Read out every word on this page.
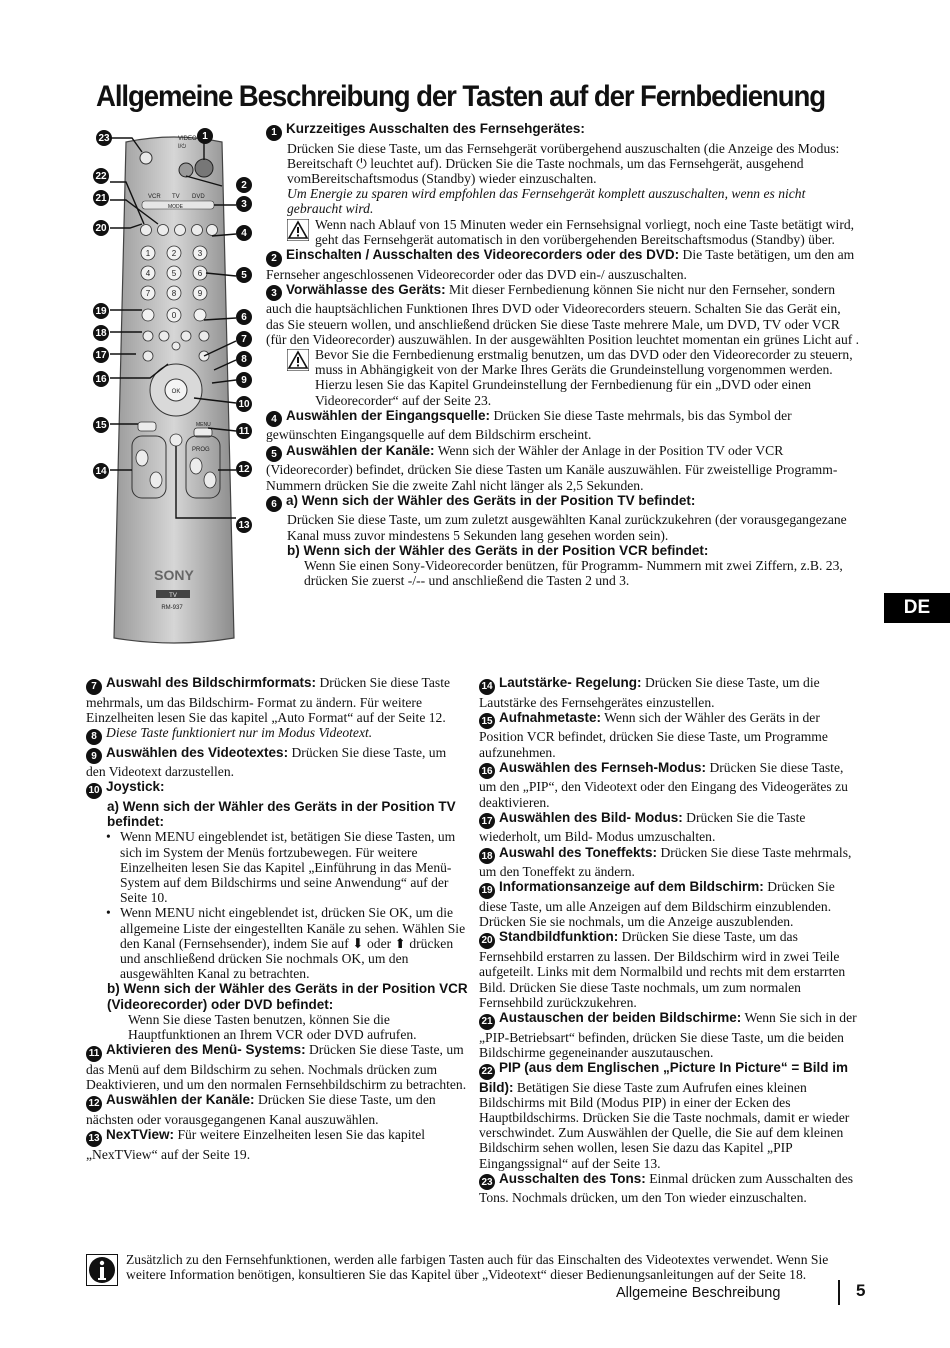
Allgemeine Beschreibung der Tasten auf der Fernbedienung
VIDEO
I/⏻
VCR TV DVD
MODE
1	2	3
4	5	6
7	8	9
0
OK
MENU
PROG
SONY
TV
RM-937
1
2
3
4
5
6
7
8
9
10
11
12
13
14
15
16
17
18
19
20
21
22
23	1 Kurzzeitiges Ausschalten des Fernsehgerätes:

Drücken Sie diese Taste, um das Fernsehgerät vorübergehend auszuschalten (die Anzeige des Modus: Bereitschaft ⏻ leuchtet auf). Drücken Sie die Taste nochmals, um das Fernsehgerät, ausgehend vomBereitschaftsmodus (Standby) wieder einzuschalten.

Um Energie zu sparen wird empfohlen das Fernsehgerät komplett auszuschalten, wenn es nicht gebraucht wird.

Wenn nach Ablauf von 15 Minuten weder ein Fernsehsignal vorliegt, noch eine Taste betätigt wird, geht das Fernsehgerät automatisch in den vorübergehenden Bereitschaftsmodus (Standby) über.

2 Einschalten / Ausschalten des Videorecorders oder des DVD: Die Taste betätigen, um den am Fernseher angeschlossenen Videorecorder oder das DVD ein-/ auszuschalten.

3 Vorwählasse des Geräts: Mit dieser Fernbedienung können Sie nicht nur den Fernseher, sondern auch die hauptsächlichen Funktionen Ihres DVD oder Videorecorders steuern. Schalten Sie das Gerät ein, das Sie steuern wollen, und anschließend drücken Sie diese Taste mehrere Male, um DVD, TV oder VCR (für den Videorecorder) auszuwählen. In der ausgewählten Position leuchtet momentan ein grünes Licht auf .

Bevor Sie die Fernbedienung erstmalig benutzen, um das DVD oder den Videorecorder zu steuern, muss in Abhängigkeit von der Marke Ihres Geräts die Grundeinstellung vorgenommen werden. Hierzu lesen Sie das Kapitel Grundeinstellung der Fernbedienung für ein „DVD oder einen Videorecorder“ auf der Seite 23.

4 Auswählen der Eingangsquelle: Drücken Sie diese Taste mehrmals, bis das Symbol der gewünschten Eingangsquelle auf dem Bildschirm erscheint.

5 Auswählen der Kanäle: Wenn sich der Wähler der Anlage in der Position TV oder VCR (Videorecorder) befindet, drücken Sie diese Tasten um Kanäle auszuwählen. Für zweistellige Programm- Nummern drücken Sie die zweite Zahl nicht länger als 2,5 Sekunden.

6 a) Wenn sich der Wähler des Geräts in der Position TV befindet:

Drücken Sie diese Taste, um zum zuletzt ausgewählten Kanal zurückzukehren (der vorausgegangezane Kanal muss zuvor mindestens 5 Sekunden lang gesehen worden sein).

b) Wenn sich der Wähler des Geräts in der Position VCR befindet:

Wenn Sie einen Sony-Videorecorder benützen, für Programm- Nummern mit zwei Ziffern, z.B. 23, drücken Sie zuerst -/-- und anschließend die Tasten 2 und 3.

7 Auswahl des Bildschirmformats: Drücken Sie diese Taste mehrmals, um das Bildschirm- Format zu ändern. Für weitere Einzelheiten lesen Sie das kapitel „Auto Format“ auf der Seite 12.

8 Diese Taste funktioniert nur im Modus Videotext.

9 Auswählen des Videotextes: Drücken Sie diese Taste, um den Videotext darzustellen.

10 Joystick:

a) Wenn sich der Wähler des Geräts in der Position TV befindet:

• Wenn MENU eingeblendet ist, betätigen Sie diese Tasten, um sich im System der Menüs fortzubewegen. Für weitere Einzelheiten lesen Sie das Kapitel „Einführung in das Menü- System auf dem Bildschirms und seine Anwendung“ auf der Seite 10.

• Wenn MENU nicht eingeblendet ist, drücken Sie OK, um die allgemeine Liste der eingestellten Kanäle zu sehen. Wählen Sie den Kanal (Fernsehsender), indem Sie auf ⬇ oder ⬆ drücken und anschließend drücken Sie nochmals OK, um den ausgewählten Kanal zu betrachten.

b) Wenn sich der Wähler des Geräts in der Position VCR (Videorecorder) oder DVD befindet:

Wenn Sie diese Tasten benutzen, können Sie die Hauptfunktionen an Ihrem VCR oder DVD aufrufen.

11 Aktivieren des Menü- Systems: Drücken Sie diese Taste, um das Menü auf dem Bildschirm zu sehen. Nochmals drücken zum Deaktivieren, und um den normalen Fernsehbildschirm zu betrachten.

12 Auswählen der Kanäle: Drücken Sie diese Taste, um den nächsten oder vorausgegangenen Kanal auszuwählen.

13 NexTView: Für weitere Einzelheiten lesen Sie das kapitel „NexTView“ auf der Seite 19.

14 Lautstärke- Regelung: Drücken Sie diese Taste, um die Lautstärke des Fernsehgerätes einzustellen.

15 Aufnahmetaste: Wenn sich der Wähler des Geräts in der Position VCR befindet, drücken Sie diese Taste, um Programme aufzunehmen.

16 Auswählen des Fernseh-Modus: Drücken Sie diese Taste, um den „PIP“, den Videotext oder den Eingang des Videogerätes zu deaktivieren.

17 Auswählen des Bild- Modus: Drücken Sie die Taste wiederholt, um Bild- Modus umzuschalten.

18 Auswahl des Toneffekts: Drücken Sie diese Taste mehrmals, um den Toneffekt zu ändern.

19 Informationsanzeige auf dem Bildschirm: Drücken Sie diese Taste, um alle Anzeigen auf dem Bildschirm einzublenden. Drücken Sie sie nochmals, um die Anzeige auszublenden.

20 Standbildfunktion: Drücken Sie diese Taste, um das Fernsehbild erstarren zu lassen. Der Bildschirm wird in zwei Teile aufgeteilt. Links mit dem Normalbild und rechts mit dem erstarrten Bild. Drücken Sie diese Taste nochmals, um zum normalen Fernsehbild zurückzukehren.

21 Austauschen der beiden Bildschirme: Wenn Sie sich in der „PIP-Betriebsart“ befinden, drücken Sie diese Taste, um die beiden Bildschirme gegeneinander auszutauschen.

22 PIP (aus dem Englischen „Picture In Picture“ = Bild im Bild): Betätigen Sie diese Taste zum Aufrufen eines kleinen Bildschirms mit Bild (Modus PIP) in einer der Ecken des Hauptbildschirms. Drücken Sie die Taste nochmals, damit er wieder verschwindet. Zum Auswählen der Quelle, die Sie auf dem kleinen Bildschirm sehen wollen, lesen Sie dazu das Kapitel „PIP Eingangssignal“ auf der Seite 13.

23 Ausschalten des Tons: Einmal drücken zum Ausschalten des Tons. Nochmals drücken, um den Ton wieder einzuschalten.

DE

Zusätzlich zu den Fernsehfunktionen, werden alle farbigen Tasten auch für das Einschalten des Videotextes verwendet. Wenn Sie weitere Information benötigen, konsultieren Sie das Kapitel über „Videotext“ dieser Bedienungsanleitungen auf der Seite 18.

Allgemeine Beschreibung	5
